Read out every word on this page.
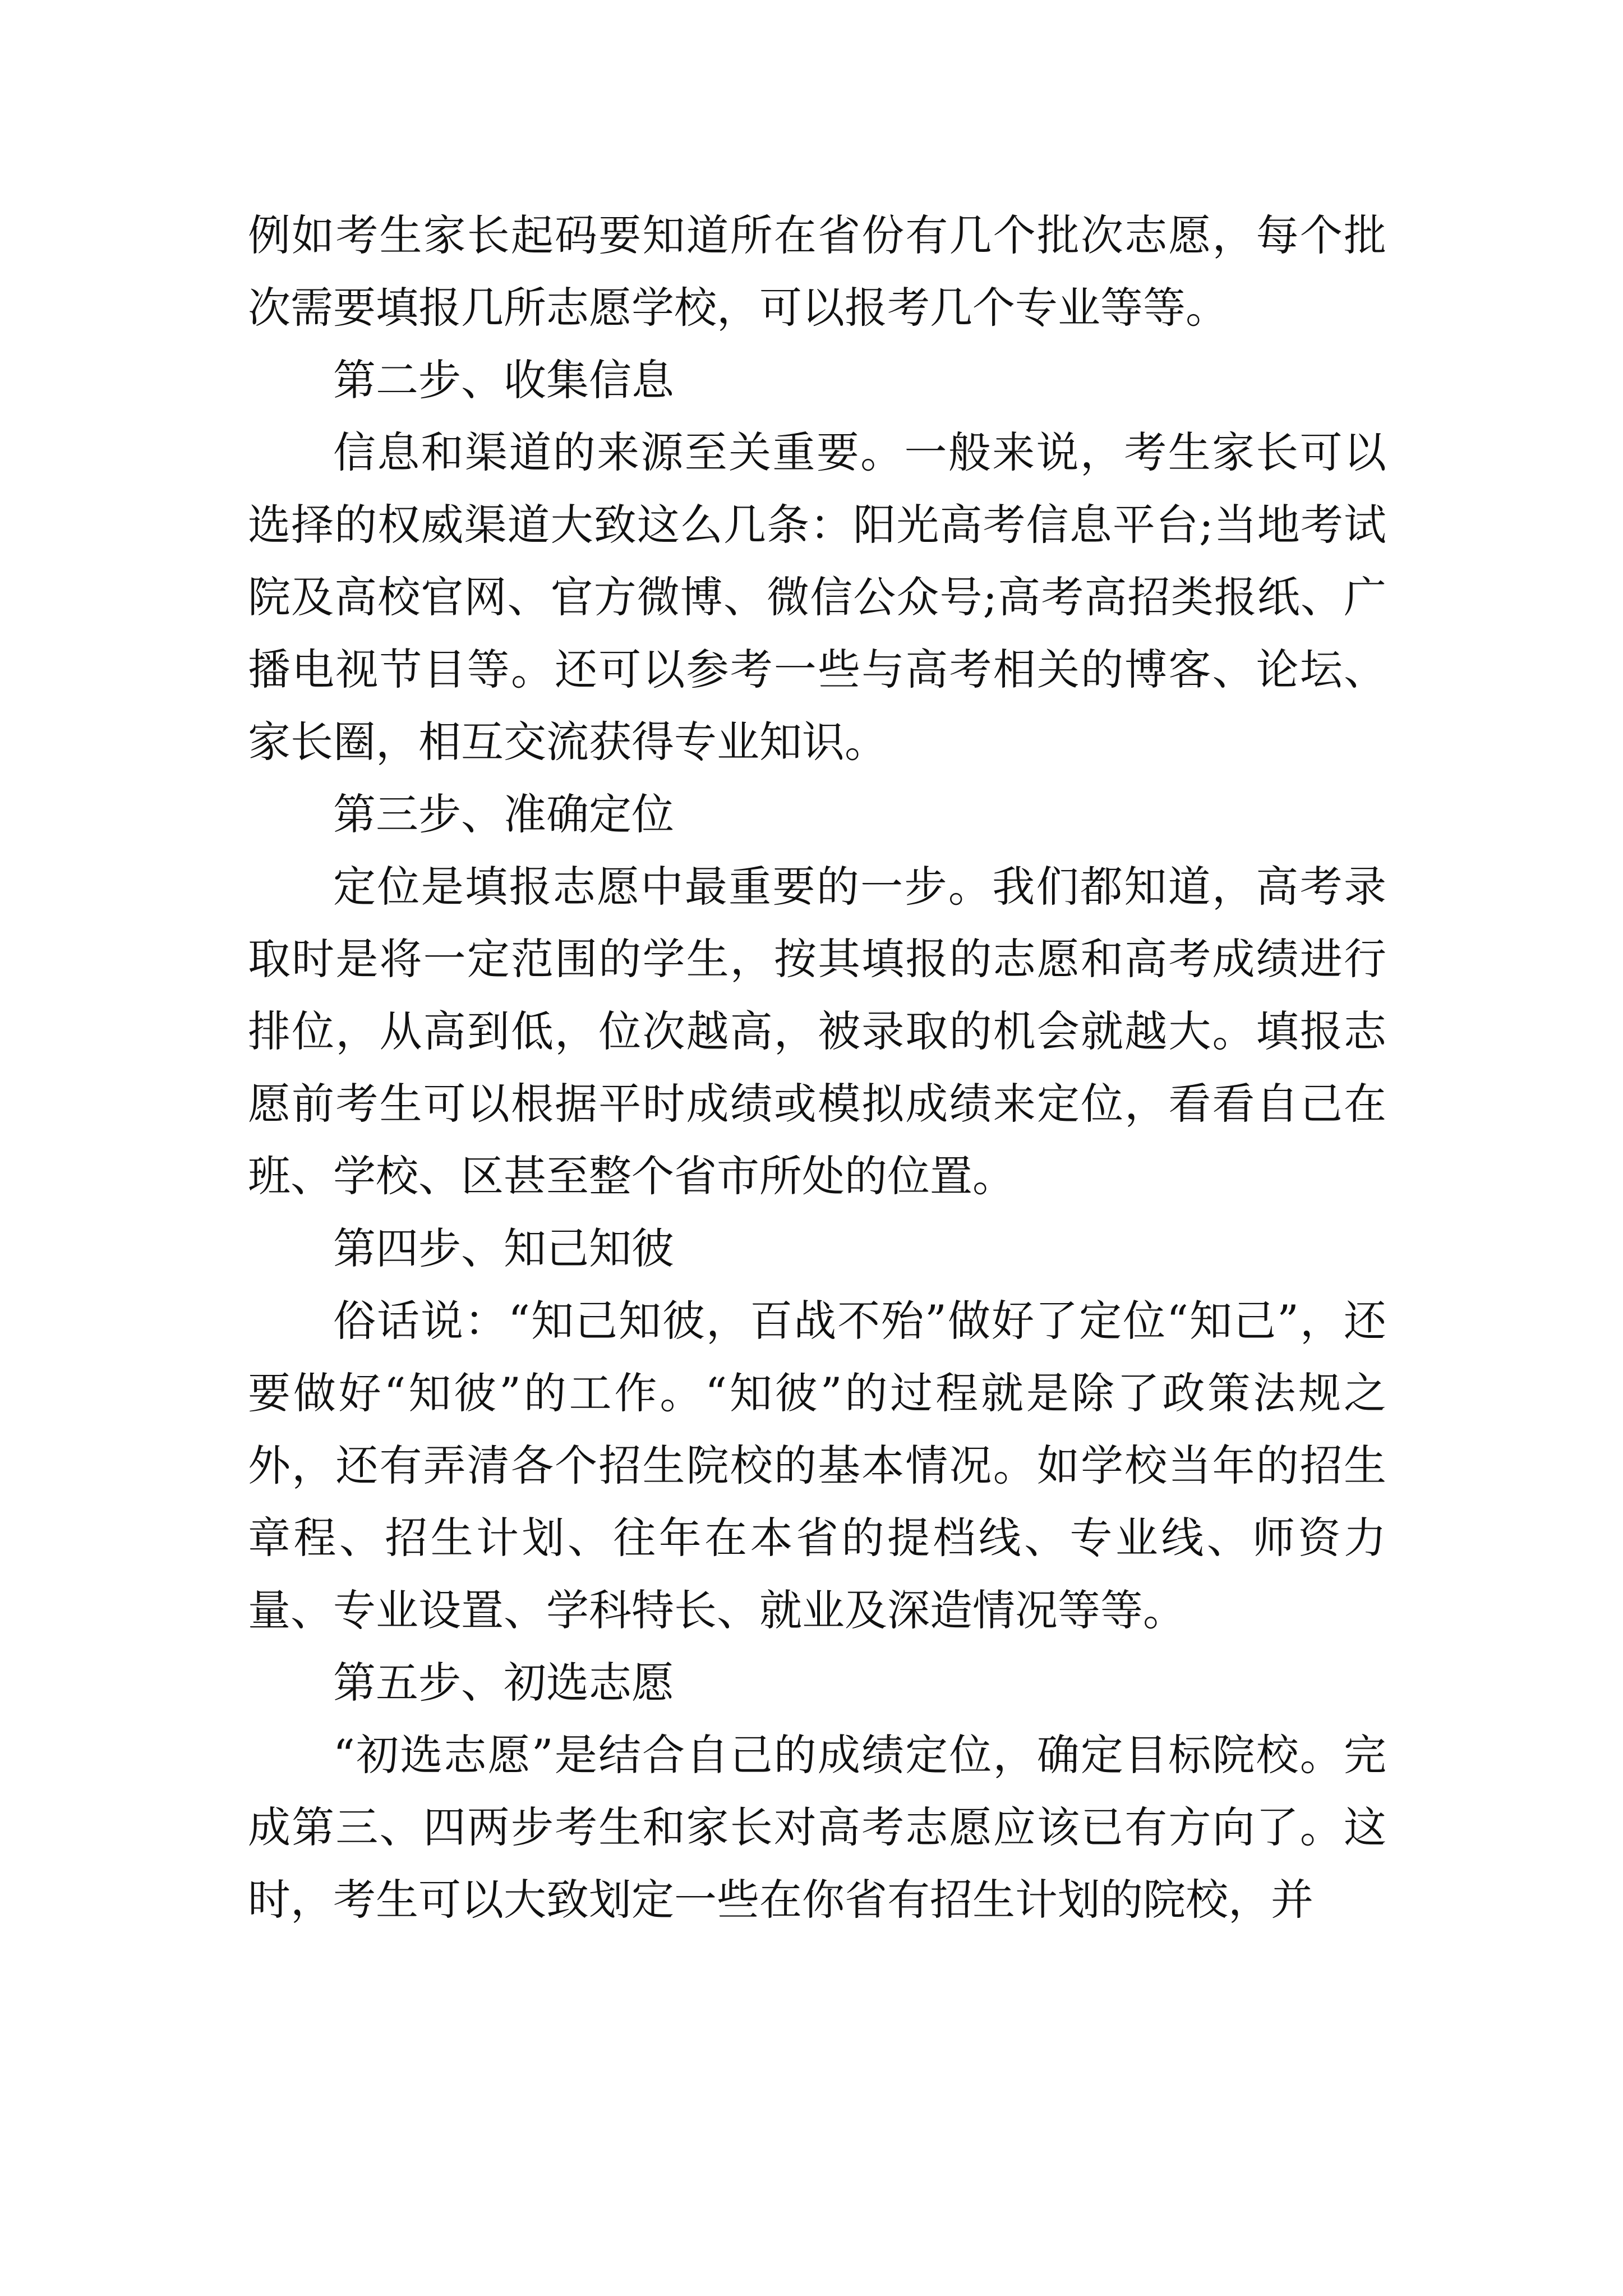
例如考生家长起码要知道所在省份有几个批次志愿，每个批次需要填报几所志愿学校，可以报考几个专业等等。

第二步、收集信息

信息和渠道的来源至关重要。一般来说，考生家长可以选择的权威渠道大致这么几条：阳光高考信息平台;当地考试院及高校官网、官方微博、微信公众号;高考高招类报纸、广播电视节目等。还可以参考一些与高考相关的博客、论坛、家长圈，相互交流获得专业知识。

第三步、准确定位

定位是填报志愿中最重要的一步。我们都知道，高考录取时是将一定范围的学生，按其填报的志愿和高考成绩进行排位，从高到低，位次越高，被录取的机会就越大。填报志愿前考生可以根据平时成绩或模拟成绩来定位，看看自己在班、学校、区甚至整个省市所处的位置。

第四步、知己知彼

俗话说：“知己知彼，百战不殆”做好了定位“知己”，还要做好“知彼”的工作。“知彼”的过程就是除了政策法规之外，还有弄清各个招生院校的基本情况。如学校当年的招生章程、招生计划、往年在本省的提档线、专业线、师资力量、专业设置、学科特长、就业及深造情况等等。

第五步、初选志愿

“初选志愿”是结合自己的成绩定位，确定目标院校。完成第三、四两步考生和家长对高考志愿应该已有方向了。这时，考生可以大致划定一些在你省有招生计划的院校，并
